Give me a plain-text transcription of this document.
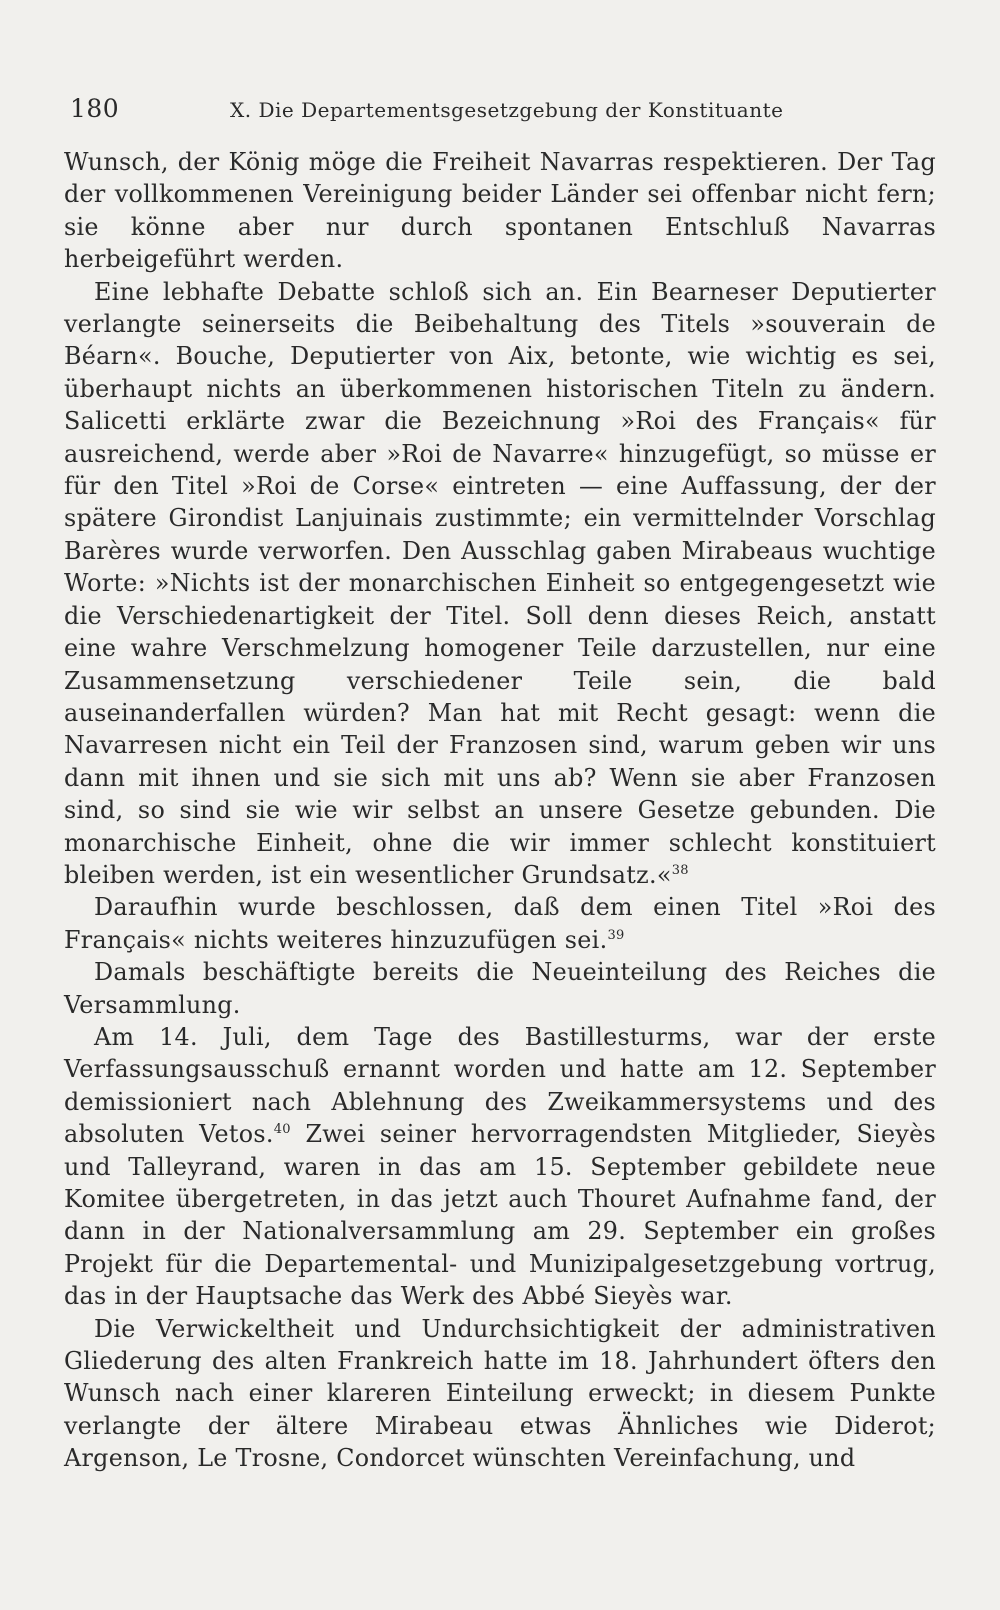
180	X. Die Departementsgesetzgebung der Konstituante

Wunsch, der König möge die Freiheit Navarras respektieren. Der Tag der vollkommenen Vereinigung beider Länder sei offenbar nicht fern; sie könne aber nur durch spontanen Entschluß Navarras herbeigeführt werden.

Eine lebhafte Debatte schloß sich an. Ein Bearneser Deputierter verlangte seinerseits die Beibehaltung des Titels »souverain de Béarn«. Bouche, Deputierter von Aix, betonte, wie wichtig es sei, überhaupt nichts an überkommenen historischen Titeln zu ändern. Salicetti erklärte zwar die Bezeichnung »Roi des Français« für ausreichend, werde aber »Roi de Navarre« hinzugefügt, so müsse er für den Titel »Roi de Corse« eintreten — eine Auffassung, der der spätere Girondist Lanjuinais zustimmte; ein vermittelnder Vorschlag Barères wurde verworfen. Den Ausschlag gaben Mirabeaus wuchtige Worte: »Nichts ist der monarchischen Einheit so entgegengesetzt wie die Verschiedenartigkeit der Titel. Soll denn dieses Reich, anstatt eine wahre Verschmelzung homogener Teile darzustellen, nur eine Zusammensetzung verschiedener Teile sein, die bald auseinanderfallen würden? Man hat mit Recht gesagt: wenn die Navarresen nicht ein Teil der Franzosen sind, warum geben wir uns dann mit ihnen und sie sich mit uns ab? Wenn sie aber Franzosen sind, so sind sie wie wir selbst an unsere Gesetze gebunden. Die monarchische Einheit, ohne die wir immer schlecht konstituiert bleiben werden, ist ein wesentlicher Grundsatz.«$^{38}$

Daraufhin wurde beschlossen, daß dem einen Titel »Roi des Français« nichts weiteres hinzuzufügen sei.$^{39}$

Damals beschäftigte bereits die Neueinteilung des Reiches die Versammlung.

Am 14. Juli, dem Tage des Bastillesturms, war der erste Verfassungsausschuß ernannt worden und hatte am 12. September demissioniert nach Ablehnung des Zweikammersystems und des absoluten Vetos.$^{40}$ Zwei seiner hervorragendsten Mitglieder, Sieyès und Talleyrand, waren in das am 15. September gebildete neue Komitee übergetreten, in das jetzt auch Thouret Aufnahme fand, der dann in der Nationalversammlung am 29. September ein großes Projekt für die Departemental- und Munizipalgesetzgebung vortrug, das in der Hauptsache das Werk des Abbé Sieyès war.

Die Verwickeltheit und Undurchsichtigkeit der administrativen Gliederung des alten Frankreich hatte im 18. Jahrhundert öfters den Wunsch nach einer klareren Einteilung erweckt; in diesem Punkte verlangte der ältere Mirabeau etwas Ähnliches wie Diderot; Argenson, Le Trosne, Condorcet wünschten Vereinfachung, und
